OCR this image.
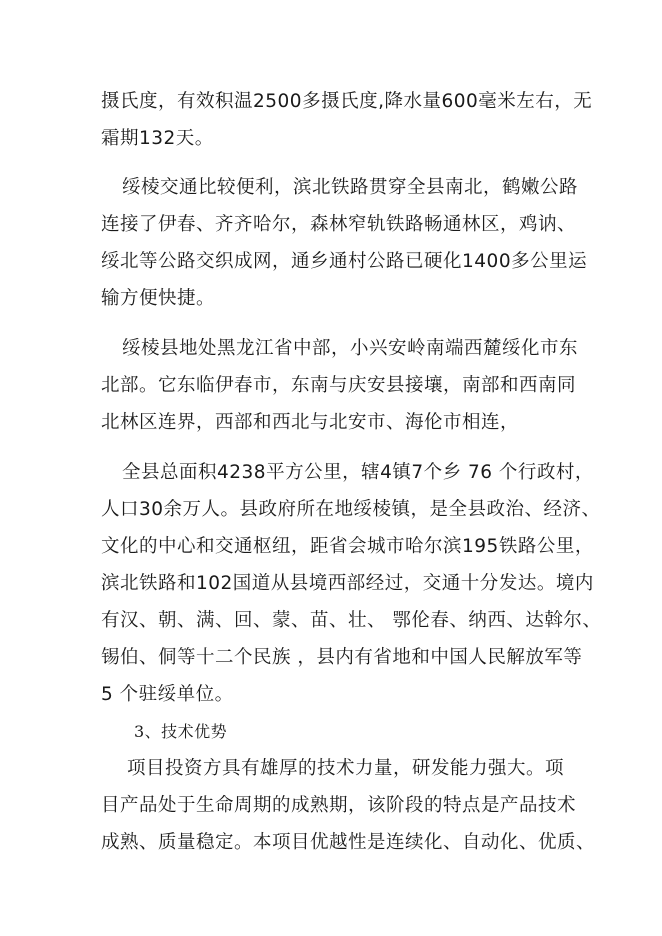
摄氏度，有效积温2500多摄氏度,降水量600毫米左右，无

霜期132天。

绥棱交通比较便利，滨北铁路贯穿全县南北，鹤嫩公路

连接了伊春、齐齐哈尔，森林窄轨铁路畅通林区，鸡讷、

绥北等公路交织成网，通乡通村公路已硬化1400多公里运

输方便快捷。

绥棱县地处黑龙江省中部，小兴安岭南端西麓绥化市东

北部。它东临伊春市，东南与庆安县接壤，南部和西南同

北林区连界，西部和西北与北安市、海伦市相连，

全县总面积4238平方公里，辖4镇7个乡 76 个行政村，

人口30余万人。县政府所在地绥棱镇，是全县政治、经济、

文化的中心和交通枢纽，距省会城市哈尔滨195铁路公里，

滨北铁路和102国道从县境西部经过，交通十分发达。境内

有汉、朝、满、回、蒙、苗、壮、 鄂伦春、纳西、达斡尔、

锡伯、侗等十二个民族 ，县内有省地和中国人民解放军等

5 个驻绥单位。

3、技术优势

项目投资方具有雄厚的技术力量，研发能力强大。项

目产品处于生命周期的成熟期，该阶段的特点是产品技术

成熟、质量稳定。本项目优越性是连续化、自动化、优质、
